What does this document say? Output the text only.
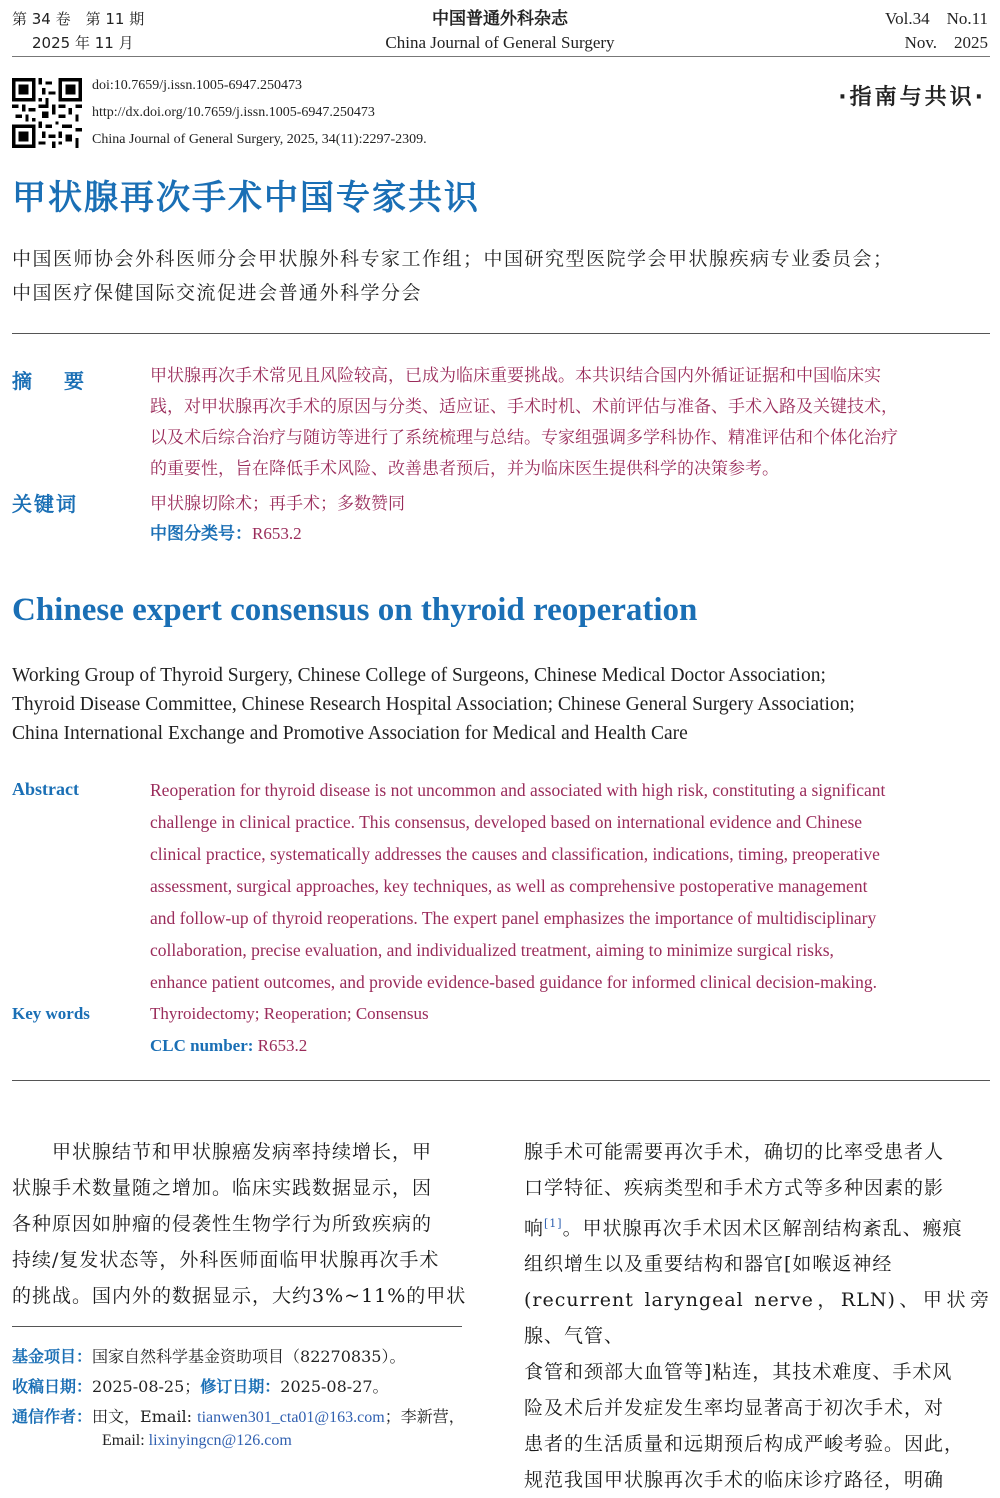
第 34 卷　第 11 期
2025 年 11 月
中国普通外科杂志
China Journal of General Surgery
Vol.34　No.11
Nov.　2025
doi:10.7659/j.issn.1005-6947.250473
http://dx.doi.org/10.7659/j.issn.1005-6947.250473
China Journal of General Surgery, 2025, 34(11):2297-2309.
·指南与共识·
甲状腺再次手术中国专家共识
中国医师协会外科医师分会甲状腺外科专家工作组；中国研究型医院学会甲状腺疾病专业委员会；
中国医疗保健国际交流促进会普通外科学分会
摘　要	甲状腺再次手术常见且风险较高，已成为临床重要挑战。本共识结合国内外循证证据和中国临床实
践，对甲状腺再次手术的原因与分类、适应证、手术时机、术前评估与准备、手术入路及关键技术，
以及术后综合治疗与随访等进行了系统梳理与总结。专家组强调多学科协作、精准评估和个体化治疗
的重要性，旨在降低手术风险、改善患者预后，并为临床医生提供科学的决策参考。
关键词	甲状腺切除术；再手术；多数赞同
中图分类号：R653.2
Chinese expert consensus on thyroid reoperation
Working Group of Thyroid Surgery, Chinese College of Surgeons, Chinese Medical Doctor Association;
Thyroid Disease Committee, Chinese Research Hospital Association; Chinese General Surgery Association;
China International Exchange and Promotive Association for Medical and Health Care
Abstract	Reoperation for thyroid disease is not uncommon and associated with high risk, constituting a significant
challenge in clinical practice. This consensus, developed based on international evidence and Chinese
clinical practice, systematically addresses the causes and classification, indications, timing, preoperative
assessment, surgical approaches, key techniques, as well as comprehensive postoperative management
and follow-up of thyroid reoperations. The expert panel emphasizes the importance of multidisciplinary
collaboration, precise evaluation, and individualized treatment, aiming to minimize surgical risks,
enhance patient outcomes, and provide evidence-based guidance for informed clinical decision-making.
Key words	Thyroidectomy; Reoperation; Consensus
CLC number: R653.2
　　甲状腺结节和甲状腺癌发病率持续增长，甲
状腺手术数量随之增加。临床实践数据显示，因
各种原因如肿瘤的侵袭性生物学行为所致疾病的
持续/复发状态等，外科医师面临甲状腺再次手术
的挑战。国内外的数据显示，大约3%~11%的甲状
腺手术可能需要再次手术，确切的比率受患者人
口学特征、疾病类型和手术方式等多种因素的影
响[1]。甲状腺再次手术因术区解剖结构紊乱、瘢痕
组织增生以及重要结构和器官[如喉返神经
(recurrent laryngeal nerve，RLN)、甲状旁腺、气管、
食管和颈部大血管等]粘连，其技术难度、手术风
险及术后并发症发生率均显著高于初次手术，对
患者的生活质量和远期预后构成严峻考验。因此，
规范我国甲状腺再次手术的临床诊疗路径，明确
基金项目：国家自然科学基金资助项目（82270835）。
收稿日期：2025-08-25；修订日期：2025-08-27。
通信作者：田文，Email: tianwen301_cta01@163.com；李新营，
Email: lixinyingcn@126.com
